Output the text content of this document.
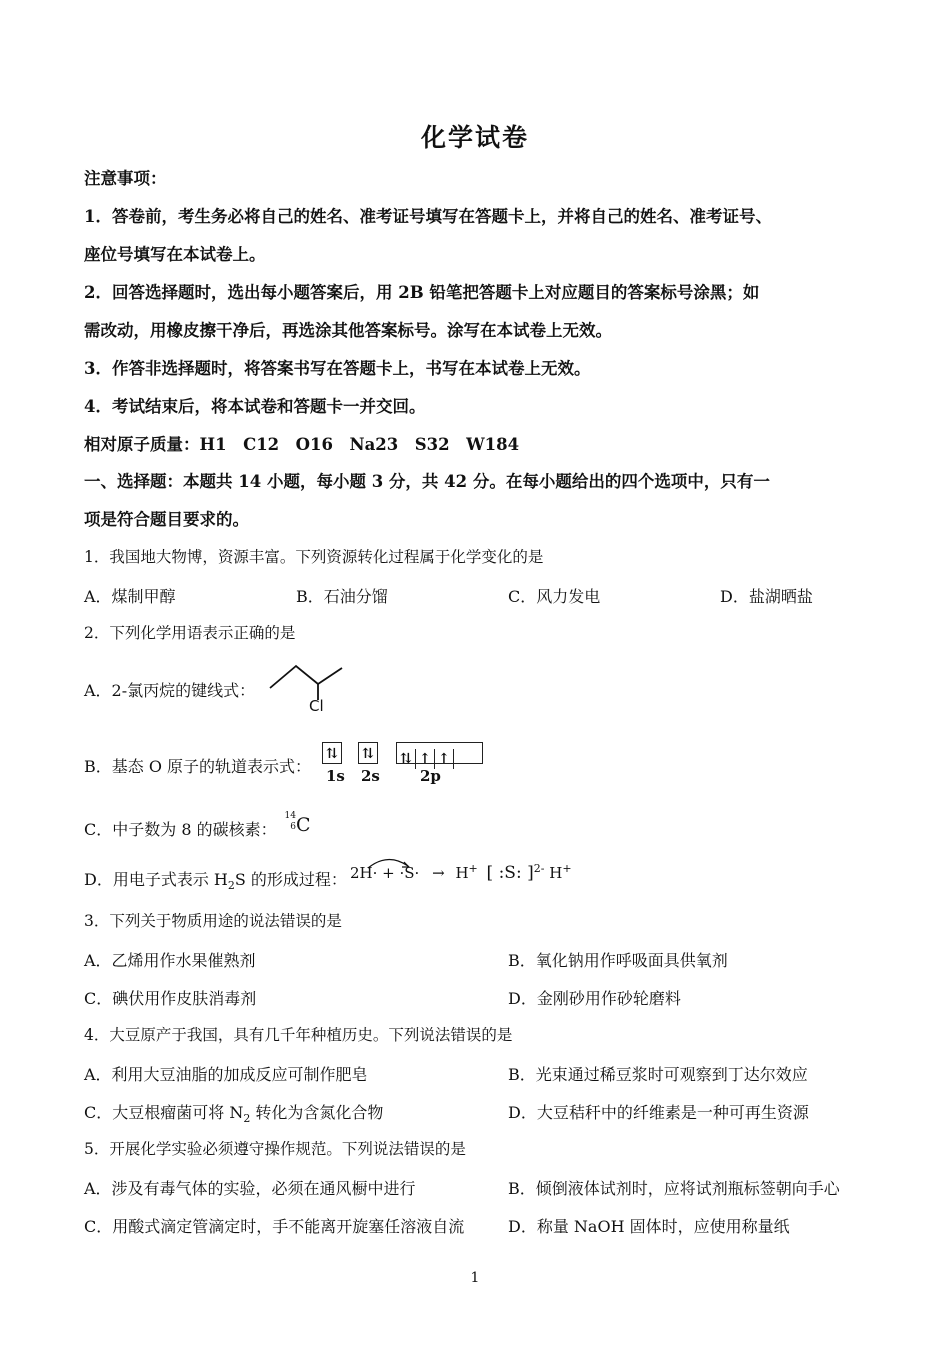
化学试卷
注意事项：
1．答卷前，考生务必将自己的姓名、准考证号填写在答题卡上，并将自己的姓名、准考证号、
座位号填写在本试卷上。
2．回答选择题时，选出每小题答案后，用 2B 铅笔把答题卡上对应题目的答案标号涂黑；如
需改动，用橡皮擦干净后，再选涂其他答案标号。涂写在本试卷上无效。
3．作答非选择题时，将答案书写在答题卡上，书写在本试卷上无效。
4．考试结束后，将本试卷和答题卡一并交回。
相对原子质量：H1　C12　O16　Na23　S32　W184
一、选择题：本题共 14 小题，每小题 3 分，共 42 分。在每小题给出的四个选项中，只有一
项是符合题目要求的。
1．我国地大物博，资源丰富。下列资源转化过程属于化学变化的是
A．煤制甲醇	B．石油分馏	C．风力发电	D．盐湖晒盐
2．下列化学用语表示正确的是
A．2-氯丙烷的键线式：
Cl
B．基态 O 原子的轨道表示式：
⇅ ⇅ ⇅ ↑ ↑
1s 2s	2p
C．中子数为 8 的碳核素：
14
6 C
D．用电子式表示 $H_2S$ 的形成过程： 2H· + ·S· → H+ [ :S: ]$^{2-}$ H+
3．下列关于物质用途的说法错误的是
A．乙烯用作水果催熟剂	B．氧化钠用作呼吸面具供氧剂
C．碘伏用作皮肤消毒剂	D．金刚砂用作砂轮磨料
4．大豆原产于我国，具有几千年种植历史。下列说法错误的是
A．利用大豆油脂的加成反应可制作肥皂	B．光束通过稀豆浆时可观察到丁达尔效应
C．大豆根瘤菌可将 $N_2$ 转化为含氮化合物	D．大豆秸秆中的纤维素是一种可再生资源
5．开展化学实验必须遵守操作规范。下列说法错误的是
A．涉及有毒气体的实验，必须在通风橱中进行	B．倾倒液体试剂时，应将试剂瓶标签朝向手心
C．用酸式滴定管滴定时，手不能离开旋塞任溶液自流	D．称量 NaOH 固体时，应使用称量纸
1
